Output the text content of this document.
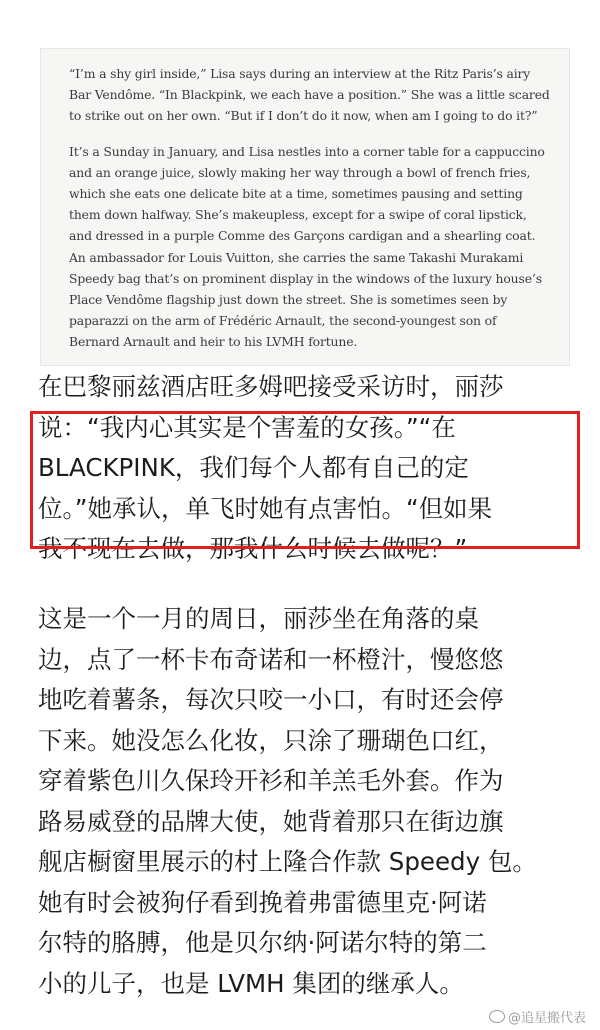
“I’m a shy girl inside,” Lisa says during an interview at the Ritz Paris’s airy
Bar Vendôme. “In Blackpink, we each have a position.” She was a little scared
to strike out on her own. “But if I don’t do it now, when am I going to do it?”

It’s a Sunday in January, and Lisa nestles into a corner table for a cappuccino
and an orange juice, slowly making her way through a bowl of french fries,
which she eats one delicate bite at a time, sometimes pausing and setting
them down halfway. She’s makeupless, except for a swipe of coral lipstick,
and dressed in a purple Comme des Garçons cardigan and a shearling coat.
An ambassador for Louis Vuitton, she carries the same Takashi Murakami
Speedy bag that’s on prominent display in the windows of the luxury house’s
Place Vendôme flagship just down the street. She is sometimes seen by
paparazzi on the arm of Frédéric Arnault, the second-youngest son of
Bernard Arnault and heir to his LVMH fortune.

在巴黎丽兹酒店旺多姆吧接受采访时，丽莎
说：“我内心其实是个害羞的女孩。”“在
BLACKPINK，我们每个人都有自己的定
位。”她承认，单飞时她有点害怕。“但如果
我不现在去做，那我什么时候去做呢？”
这是一个一月的周日，丽莎坐在角落的桌
边，点了一杯卡布奇诺和一杯橙汁，慢悠悠
地吃着薯条，每次只咬一小口，有时还会停
下来。她没怎么化妆，只涂了珊瑚色口红，
穿着紫色川久保玲开衫和羊羔毛外套。作为
路易威登的品牌大使，她背着那只在街边旗
舰店橱窗里展示的村上隆合作款 Speedy 包。
她有时会被狗仔看到挽着弗雷德里克·阿诺
尔特的胳膊，他是贝尔纳·阿诺尔特的第二
小的儿子，也是 LVMH 集团的继承人。
@追星搬代表
